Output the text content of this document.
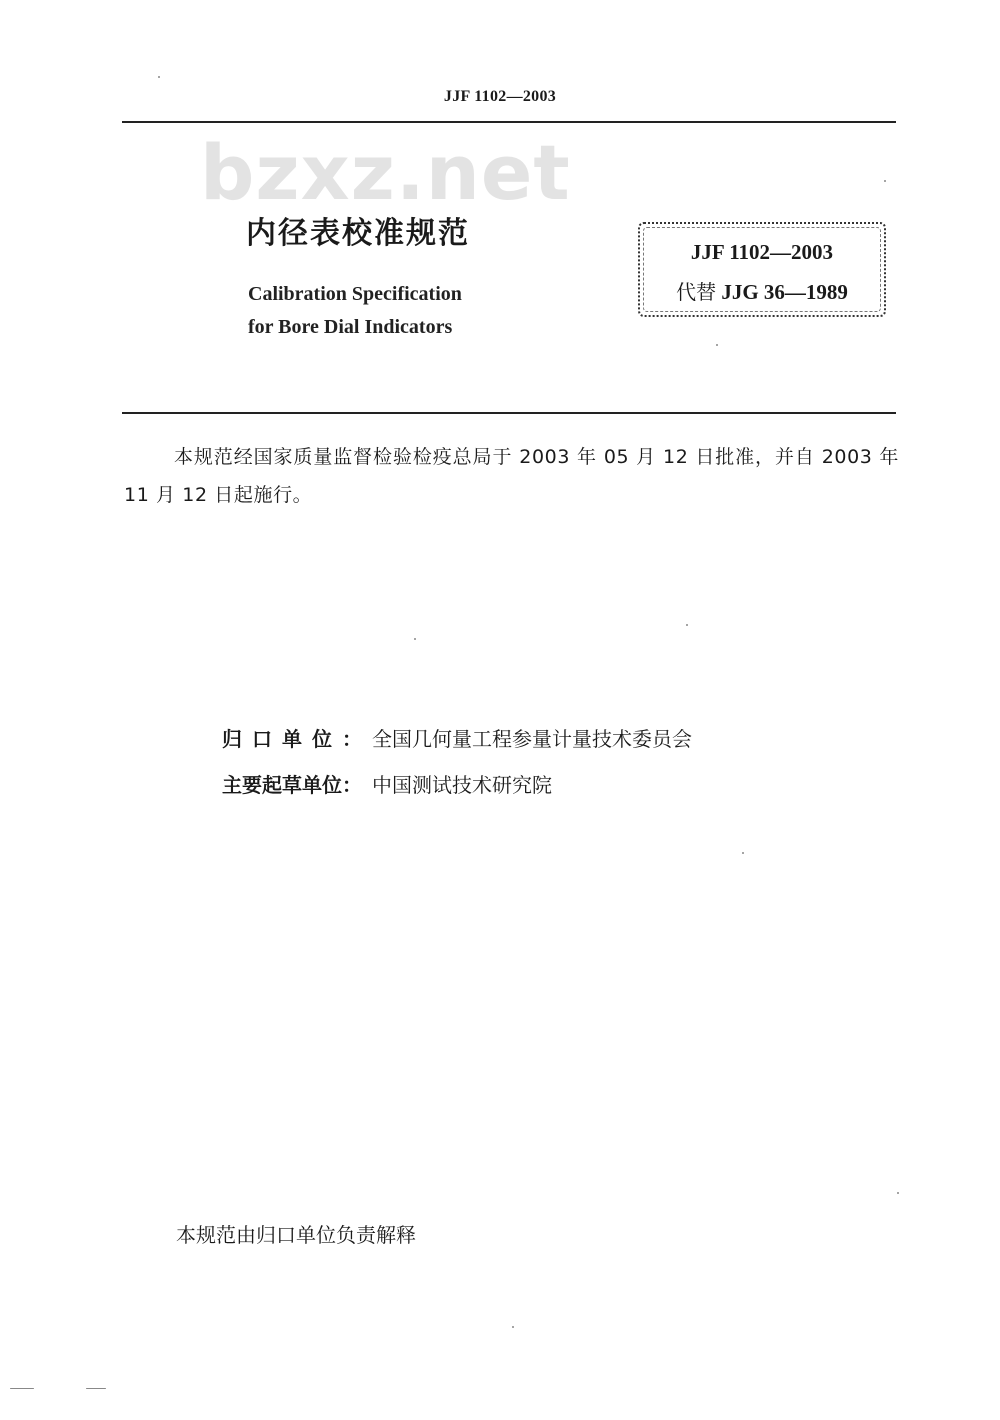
JJF 1102—2003
bzxz.net
内径表校准规范
Calibration Specification
for Bore Dial Indicators
JJF 1102—2003
代替 JJG 36—1989
本规范经国家质量监督检验检疫总局于 2003 年 05 月 12 日批准，并自 2003 年 11 月 12 日起施行。
归口单位：全国几何量工程参量计量技术委员会
主要起草单位： 中国测试技术研究院
本规范由归口单位负责解释
